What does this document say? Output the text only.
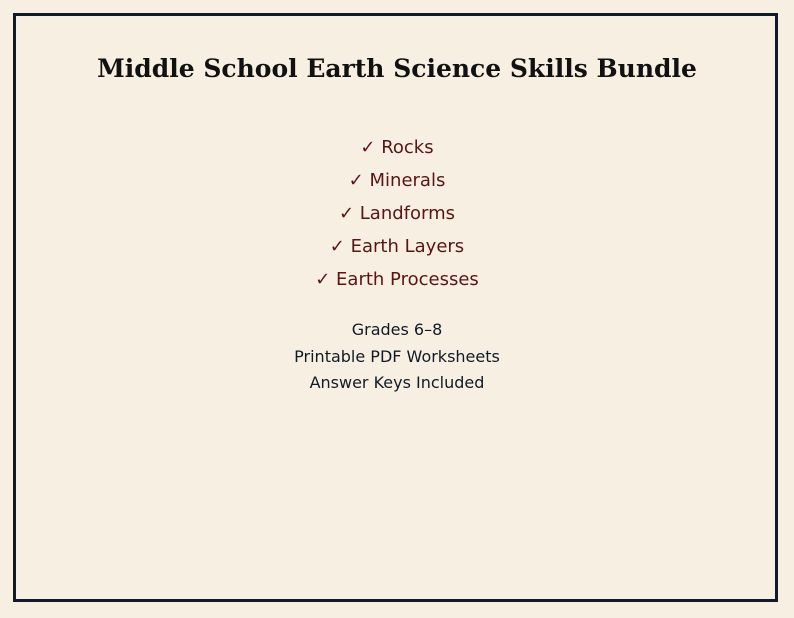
Middle School Earth Science Skills Bundle
✓ Rocks
✓ Minerals
✓ Landforms
✓ Earth Layers
✓ Earth Processes
Grades 6–8
Printable PDF Worksheets
Answer Keys Included
